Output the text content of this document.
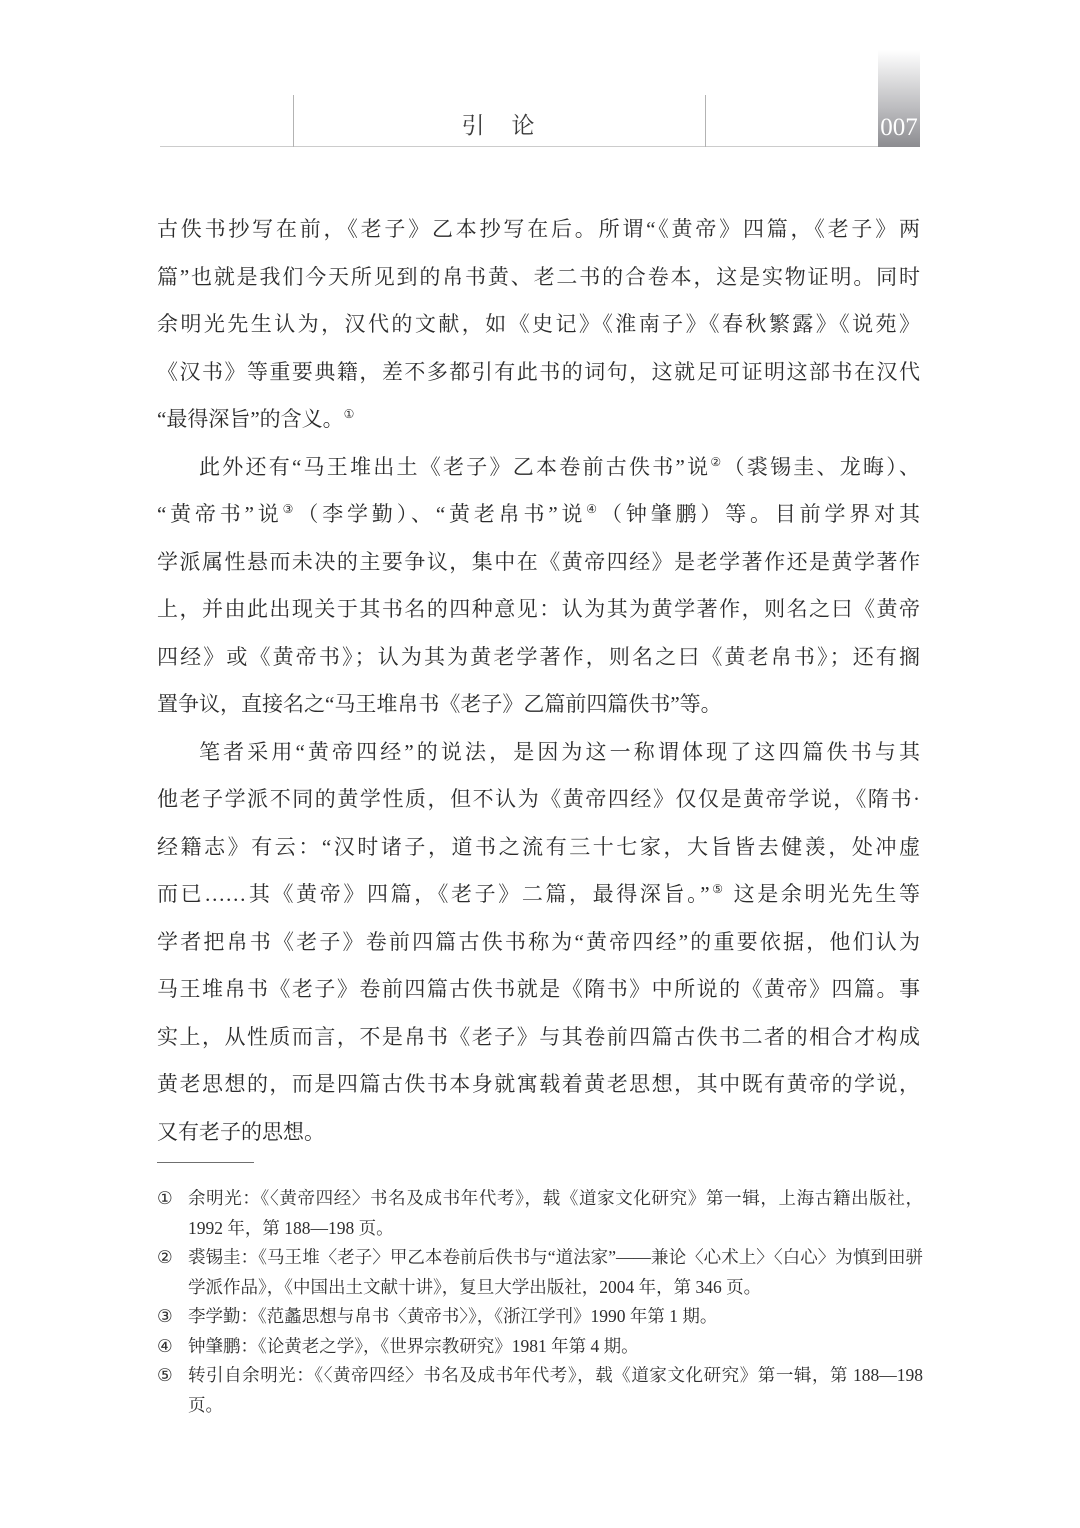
引　论	007
古佚书抄写在前，《老子》乙本抄写在后。所谓“《黄帝》四篇，《老子》两
篇”也就是我们今天所见到的帛书黄、老二书的合卷本，这是实物证明。同时
余明光先生认为，汉代的文献，如《史记》《淮南子》《春秋繁露》《说苑》
《汉书》等重要典籍，差不多都引有此书的词句，这就足可证明这部书在汉代
“最得深旨”的含义。①
此外还有“马王堆出土《老子》乙本卷前古佚书”说②（裘锡圭、龙晦）、
“黄帝书”说③（李学勤）、“黄老帛书”说④（钟肇鹏）等。目前学界对其
学派属性悬而未决的主要争议，集中在《黄帝四经》是老学著作还是黄学著作
上，并由此出现关于其书名的四种意见：认为其为黄学著作，则名之曰《黄帝
四经》或《黄帝书》；认为其为黄老学著作，则名之曰《黄老帛书》；还有搁
置争议，直接名之“马王堆帛书《老子》乙篇前四篇佚书”等。
笔者采用“黄帝四经”的说法，是因为这一称谓体现了这四篇佚书与其
他老子学派不同的黄学性质，但不认为《黄帝四经》仅仅是黄帝学说，《隋书·
经籍志》有云：“汉时诸子，道书之流有三十七家，大旨皆去健羡，处冲虚
而已……其《黄帝》四篇，《老子》二篇，最得深旨。”⑤ 这是余明光先生等
学者把帛书《老子》卷前四篇古佚书称为“黄帝四经”的重要依据，他们认为
马王堆帛书《老子》卷前四篇古佚书就是《隋书》中所说的《黄帝》四篇。事
实上，从性质而言，不是帛书《老子》与其卷前四篇古佚书二者的相合才构成
黄老思想的，而是四篇古佚书本身就寓载着黄老思想，其中既有黄帝的学说，
又有老子的思想。
① 余明光：《〈黄帝四经〉书名及成书年代考》，载《道家文化研究》第一辑，上海古籍出版社，1992 年，第 188—198 页。
② 裘锡圭：《马王堆〈老子〉甲乙本卷前后佚书与“道法家”——兼论〈心术上〉〈白心〉为慎到田骈学派作品》，《中国出土文献十讲》，复旦大学出版社，2004 年，第 346 页。
③ 李学勤：《范蠡思想与帛书〈黄帝书〉》，《浙江学刊》1990 年第 1 期。
④ 钟肇鹏：《论黄老之学》，《世界宗教研究》1981 年第 4 期。
⑤ 转引自余明光：《〈黄帝四经〉书名及成书年代考》，载《道家文化研究》第一辑，第 188—198 页。
